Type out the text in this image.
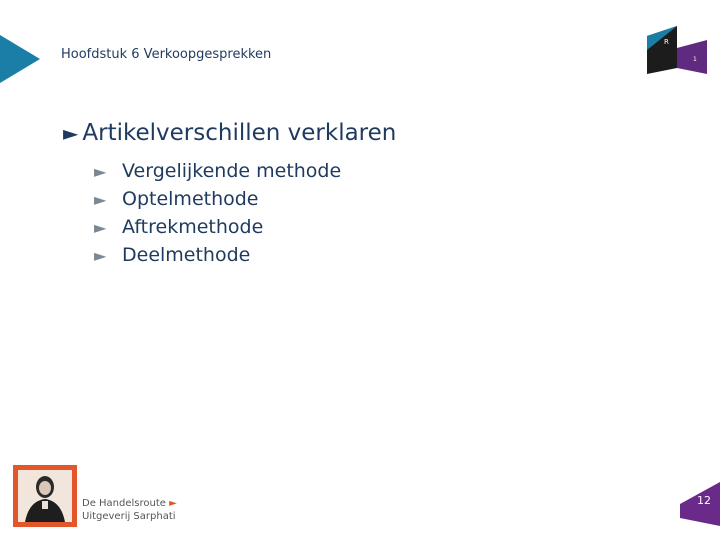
Hoofdstuk 6 Verkoopgesprekken
R
1
► Artikelverschillen verklaren
► Vergelijkende methode
► Optelmethode
► Aftrekmethode
► Deelmethode
De Handelsroute ►
Uitgeverij Sarphati
12
